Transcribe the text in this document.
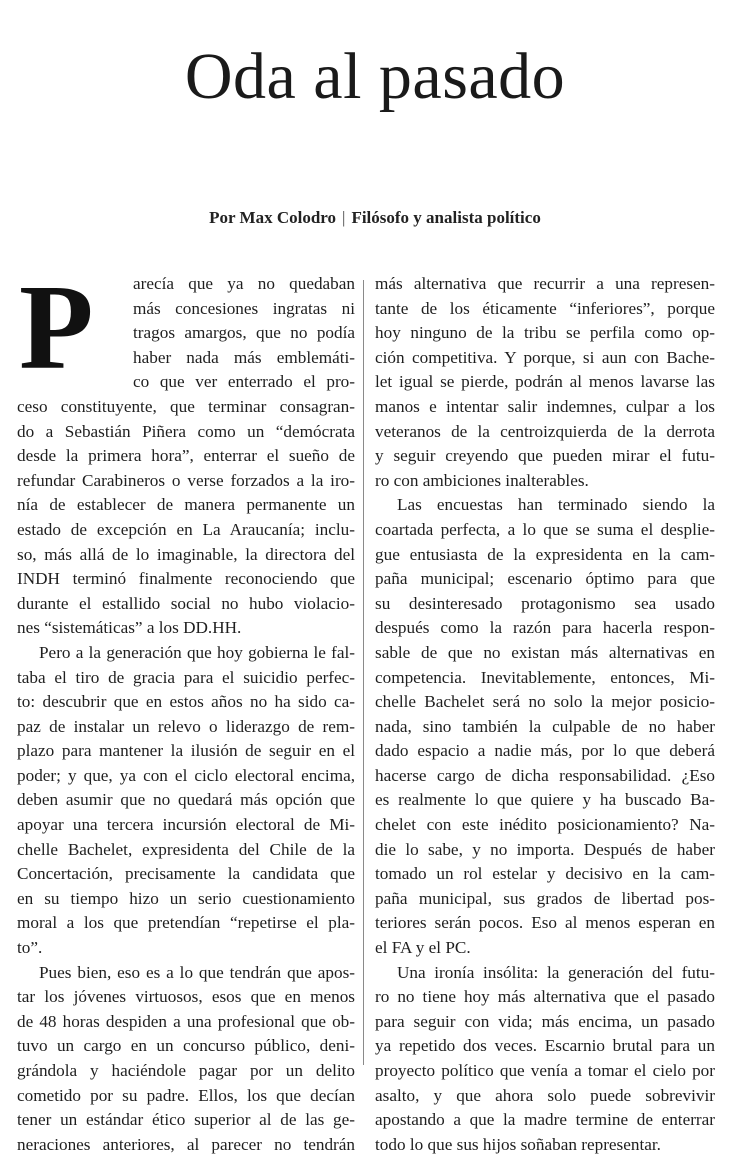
Oda al pasado
Por Max Colodro | Filósofo y analista político
P arecía que ya no quedaban
más concesiones ingratas ni
tragos amargos, que no podía
haber nada más emblemáti-
co que ver enterrado el pro-
ceso constituyente, que terminar consagran-
do a Sebastián Piñera como un “demócrata
desde la primera hora”, enterrar el sueño de
refundar Carabineros o verse forzados a la iro-
nía de establecer de manera permanente un
estado de excepción en La Araucanía; inclu-
so, más allá de lo imaginable, la directora del
INDH terminó finalmente reconociendo que
durante el estallido social no hubo violacio-
nes “sistemáticas” a los DD.HH.
Pero a la generación que hoy gobierna le fal-
taba el tiro de gracia para el suicidio perfec-
to: descubrir que en estos años no ha sido ca-
paz de instalar un relevo o liderazgo de rem-
plazo para mantener la ilusión de seguir en el
poder; y que, ya con el ciclo electoral encima,
deben asumir que no quedará más opción que
apoyar una tercera incursión electoral de Mi-
chelle Bachelet, expresidenta del Chile de la
Concertación, precisamente la candidata que
en su tiempo hizo un serio cuestionamiento
moral a los que pretendían “repetirse el pla-
to”.
Pues bien, eso es a lo que tendrán que apos-
tar los jóvenes virtuosos, esos que en menos
de 48 horas despiden a una profesional que ob-
tuvo un cargo en un concurso público, deni-
grándola y haciéndole pagar por un delito
cometido por su padre. Ellos, los que decían
tener un estándar ético superior al de las ge-
neraciones anteriores, al parecer no tendrán
más alternativa que recurrir a una represen-
tante de los éticamente “inferiores”, porque
hoy ninguno de la tribu se perfila como op-
ción competitiva. Y porque, si aun con Bache-
let igual se pierde, podrán al menos lavarse las
manos e intentar salir indemnes, culpar a los
veteranos de la centroizquierda de la derrota
y seguir creyendo que pueden mirar el futu-
ro con ambiciones inalterables.
Las encuestas han terminado siendo la
coartada perfecta, a lo que se suma el desplie-
gue entusiasta de la expresidenta en la cam-
paña municipal; escenario óptimo para que
su desinteresado protagonismo sea usado
después como la razón para hacerla respon-
sable de que no existan más alternativas en
competencia. Inevitablemente, entonces, Mi-
chelle Bachelet será no solo la mejor posicio-
nada, sino también la culpable de no haber
dado espacio a nadie más, por lo que deberá
hacerse cargo de dicha responsabilidad. ¿Eso
es realmente lo que quiere y ha buscado Ba-
chelet con este inédito posicionamiento? Na-
die lo sabe, y no importa. Después de haber
tomado un rol estelar y decisivo en la cam-
paña municipal, sus grados de libertad pos-
teriores serán pocos. Eso al menos esperan en
el FA y el PC.
Una ironía insólita: la generación del futu-
ro no tiene hoy más alternativa que el pasado
para seguir con vida; más encima, un pasado
ya repetido dos veces. Escarnio brutal para un
proyecto político que venía a tomar el cielo por
asalto, y que ahora solo puede sobrevivir
apostando a que la madre termine de enterrar
todo lo que sus hijos soñaban representar.
